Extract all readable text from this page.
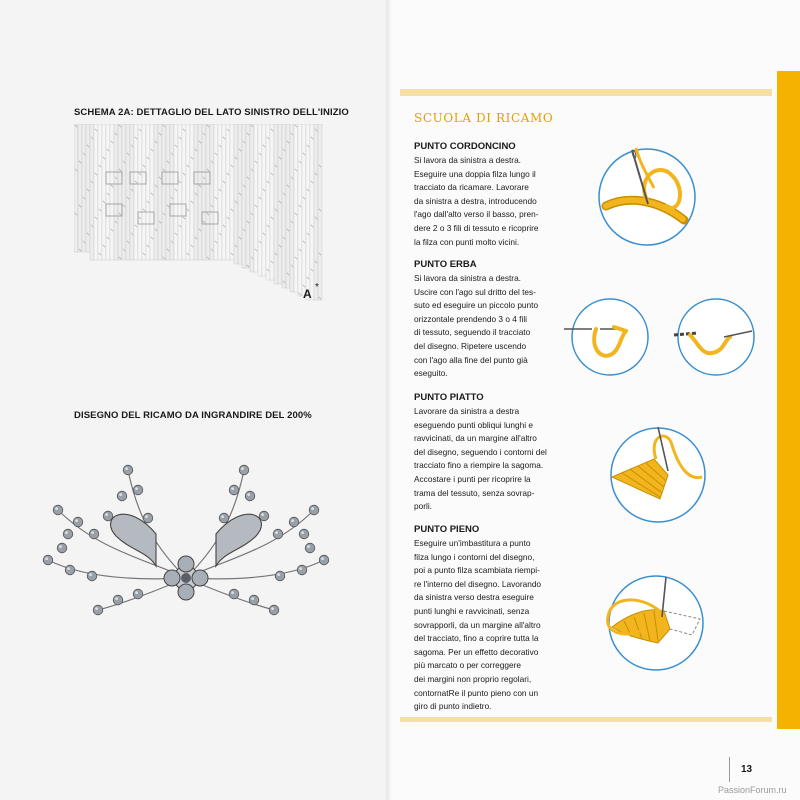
SCHEMA 2A: DETTAGLIO DEL LATO SINISTRO DELL'INIZIO
A *
DISEGNO DEL RICAMO DA INGRANDIRE DEL 200%
SCUOLA DI RICAMO
PUNTO CORDONCINO

Si lavora da sinistra a destra.
Eseguire una doppia filza lungo il
tracciato da ricamare. Lavorare
da sinistra a destra, introducendo
l'ago dall'alto verso il basso, pren-
dere 2 o 3 fili di tessuto e ricoprire
la filza con punti molto vicini.

PUNTO ERBA

Si lavora da sinistra a destra.
Uscire con l'ago sul dritto del tes-
suto ed eseguire un piccolo punto
orizzontale prendendo 3 o 4 fili
di tessuto, seguendo il tracciato
del disegno. Ripetere uscendo
con l'ago alla fine del punto già
eseguito.

PUNTO PIATTO

Lavorare da sinistra a destra
eseguendo punti obliqui lunghi e
ravvicinati, da un margine all'altro
del disegno, seguendo i contorni del
tracciato fino a riempire la sagoma.
Accostare i punti per ricoprire la
trama del tessuto, senza sovrap-
porli.

PUNTO PIENO

Eseguire un'imbastitura a punto
filza lungo i contorni del disegno,
poi a punto filza scambiata riempi-
re l'interno del disegno. Lavorando
da sinistra verso destra eseguire
punti lunghi e ravvicinati, senza
sovrapporli, da un margine all'altro
del tracciato, fino a coprire tutta la
sagoma. Per un effetto decorativo
più marcato o per correggere
dei margini non proprio regolari,
contornatRe il punto pieno con un
giro di punto indietro.

13
PassionForum.ru
